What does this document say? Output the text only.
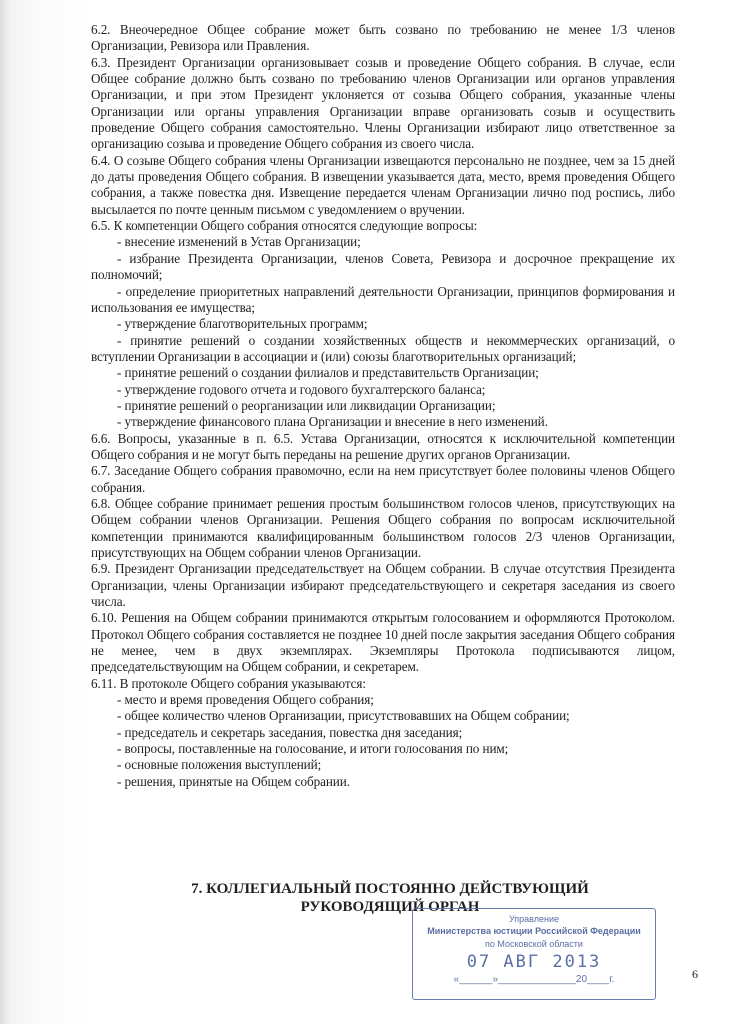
6.2. Внеочередное Общее собрание может быть созвано по требованию не менее 1/3 членов Организации, Ревизора или Правления.

6.3. Президент Организации организовывает созыв и проведение Общего собрания. В случае, если Общее собрание должно быть созвано по требованию членов Организации или органов управления Организации, и при этом Президент уклоняется от созыва Общего собрания, указанные члены Организации или органы управления Организации вправе организовать созыв и осуществить проведение Общего собрания самостоятельно. Члены Организации избирают лицо ответственное за организацию созыва и проведение Общего собрания из своего числа.

6.4. О созыве Общего собрания члены Организации извещаются персонально не позднее, чем за 15 дней до даты проведения Общего собрания. В извещении указывается дата, место, время проведения Общего собрания, а также повестка дня. Извещение передается членам Организации лично под роспись, либо высылается по почте ценным письмом с уведомлением о вручении.

6.5. К компетенции Общего собрания относятся следующие вопросы:

- внесение изменений в Устав Организации;

- избрание Президента Организации, членов Совета, Ревизора и досрочное прекращение их полномочий;

- определение приоритетных направлений деятельности Организации, принципов формирования и использования ее имущества;

- утверждение благотворительных программ;

- принятие решений о создании хозяйственных обществ и некоммерческих организаций, о вступлении Организации в ассоциации и (или) союзы благотворительных организаций;

- принятие решений о создании филиалов и представительств Организации;

- утверждение годового отчета и годового бухгалтерского баланса;

- принятие решений о реорганизации или ликвидации Организации;

- утверждение финансового плана Организации и внесение в него изменений.

6.6. Вопросы, указанные в п. 6.5. Устава Организации, относятся к исключительной компетенции Общего собрания и не могут быть переданы на решение других органов Организации.

6.7. Заседание Общего собрания правомочно, если на нем присутствует более половины членов Общего собрания.

6.8. Общее собрание принимает решения простым большинством голосов членов, присутствующих на Общем собрании членов Организации. Решения Общего собрания по вопросам исключительной компетенции принимаются квалифицированным большинством голосов 2/3 членов Организации, присутствующих на Общем собрании членов Организации.

6.9. Президент Организации председательствует на Общем собрании. В случае отсутствия Президента Организации, члены Организации избирают председательствующего и секретаря заседания из своего числа.

6.10. Решения на Общем собрании принимаются открытым голосованием и оформляются Протоколом. Протокол Общего собрания составляется не позднее 10 дней после закрытия заседания Общего собрания не менее, чем в двух экземплярах. Экземпляры Протокола подписываются лицом, председательствующим на Общем собрании, и секретарем.

6.11. В протоколе Общего собрания указываются:

- место и время проведения Общего собрания;

- общее количество членов Организации, присутствовавших на Общем собрании;

- председатель и секретарь заседания, повестка дня заседания;

- вопросы, поставленные на голосование, и итоги голосования по ним;

- основные положения выступлений;

- решения, принятые на Общем собрании.

7. КОЛЛЕГИАЛЬНЫЙ ПОСТОЯННО ДЕЙСТВУЮЩИЙ
РУКОВОДЯЩИЙ ОРГАН
Управление
Министерства юстиции Российской Федерации
по Московской области
07 АВГ 2013
«______»______________20____г.	6
